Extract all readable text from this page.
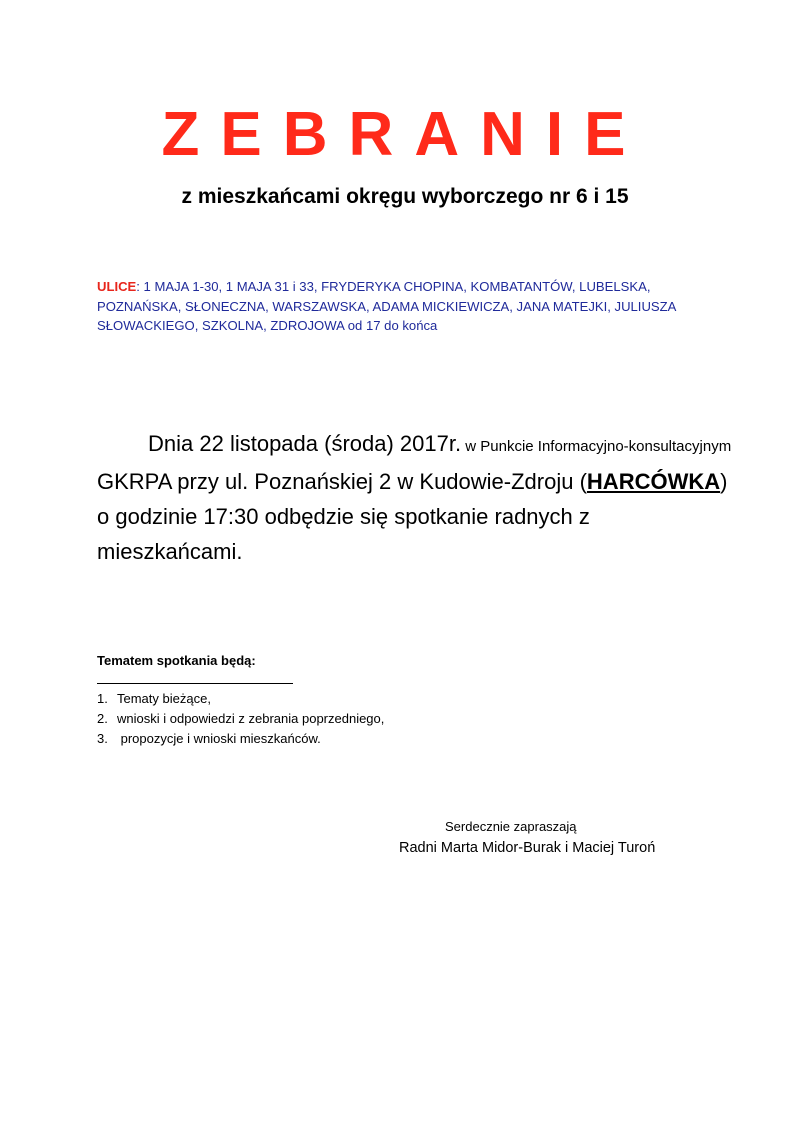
ZEBRANIE
z mieszkańcami okręgu wyborczego nr 6 i 15
ULICE: 1 MAJA 1-30, 1 MAJA 31 i 33, FRYDERYKA CHOPINA, KOMBATANTÓW, LUBELSKA, POZNAŃSKA, SŁONECZNA, WARSZAWSKA, ADAMA MICKIEWICZA, JANA MATEJKI, JULIUSZA SŁOWACKIEGO, SZKOLNA, ZDROJOWA od 17 do końca
Dnia 22 listopada (środa) 2017r. w Punkcie Informacyjno-konsultacyjnym GKRPA przy ul. Poznańskiej 2 w Kudowie-Zdroju (HARCÓWKA) o godzinie 17:30 odbędzie się spotkanie radnych z mieszkańcami.
Tematem spotkania będą:
1. Tematy bieżące,
2. wnioski i odpowiedzi z zebrania poprzedniego,
3. propozycje i wnioski mieszkańców.
Serdecznie zapraszają
Radni Marta Midor-Burak i Maciej Turoń
